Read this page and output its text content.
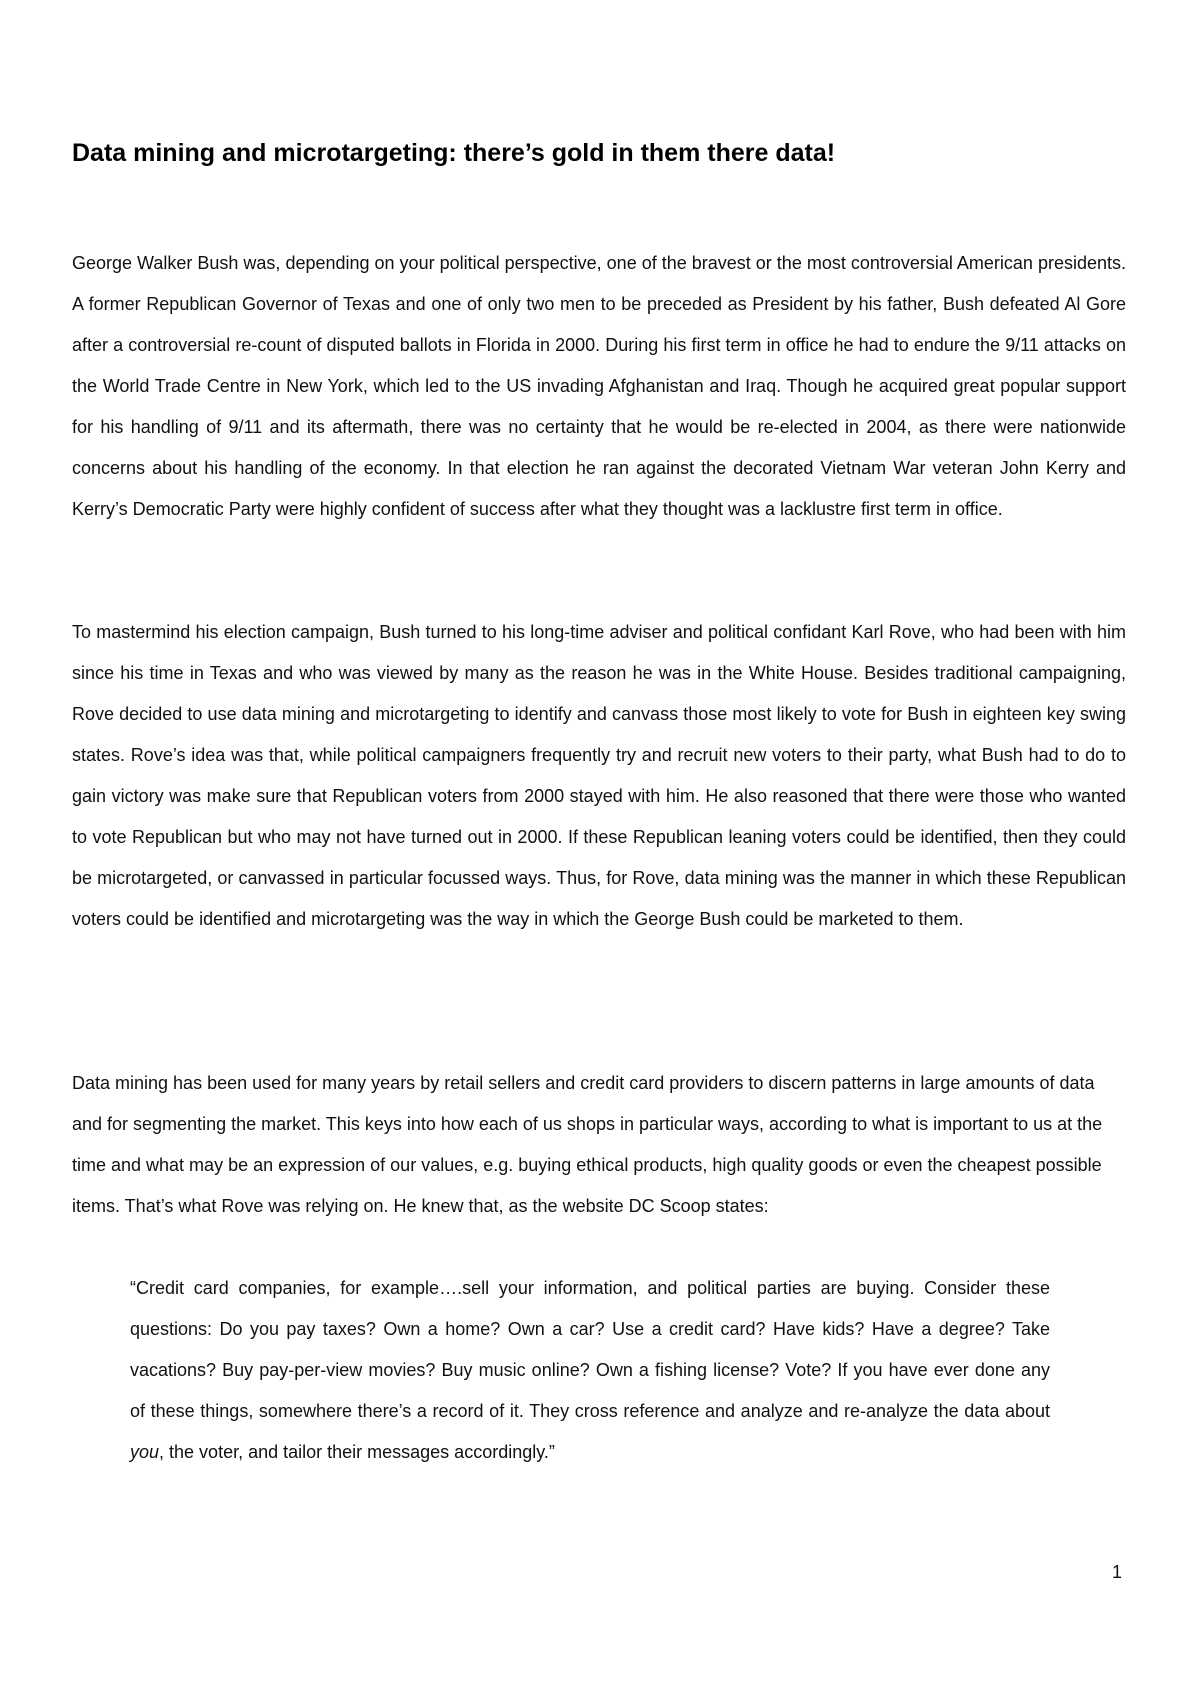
Data mining and microtargeting: there’s gold in them there data!

George Walker Bush was, depending on your political perspective, one of the bravest or the most controversial American presidents. A former Republican Governor of Texas and one of only two men to be preceded as President by his father, Bush defeated Al Gore after a controversial re-count of disputed ballots in Florida in 2000. During his first term in office he had to endure the 9/11 attacks on the World Trade Centre in New York, which led to the US invading Afghanistan and Iraq. Though he acquired great popular support for his handling of 9/11 and its aftermath, there was no certainty that he would be re-elected in 2004, as there were nationwide concerns about his handling of the economy. In that election he ran against the decorated Vietnam War veteran John Kerry and Kerry’s Democratic Party were highly confident of success after what they thought was a lacklustre first term in office.

To mastermind his election campaign, Bush turned to his long-time adviser and political confidant Karl Rove, who had been with him since his time in Texas and who was viewed by many as the reason he was in the White House. Besides traditional campaigning, Rove decided to use data mining and microtargeting to identify and canvass those most likely to vote for Bush in eighteen key swing states. Rove’s idea was that, while political campaigners frequently try and recruit new voters to their party, what Bush had to do to gain victory was make sure that Republican voters from 2000 stayed with him. He also reasoned that there were those who wanted to vote Republican but who may not have turned out in 2000. If these Republican leaning voters could be identified, then they could be microtargeted, or canvassed in particular focussed ways. Thus, for Rove, data mining was the manner in which these Republican voters could be identified and microtargeting was the way in which the George Bush could be marketed to them.

Data mining has been used for many years by retail sellers and credit card providers to discern patterns in large amounts of data and for segmenting the market. This keys into how each of us shops in particular ways, according to what is important to us at the time and what may be an expression of our values, e.g. buying ethical products, high quality goods or even the cheapest possible items. That’s what Rove was relying on. He knew that, as the website DC Scoop states:

“Credit card companies, for example….sell your information, and political parties are buying. Consider these questions: Do you pay taxes? Own a home? Own a car? Use a credit card? Have kids? Have a degree? Take vacations? Buy pay-per-view movies? Buy music online? Own a fishing license? Vote? If you have ever done any of these things, somewhere there’s a record of it. They cross reference and analyze and re-analyze the data about you, the voter, and tailor their messages accordingly.”

1
